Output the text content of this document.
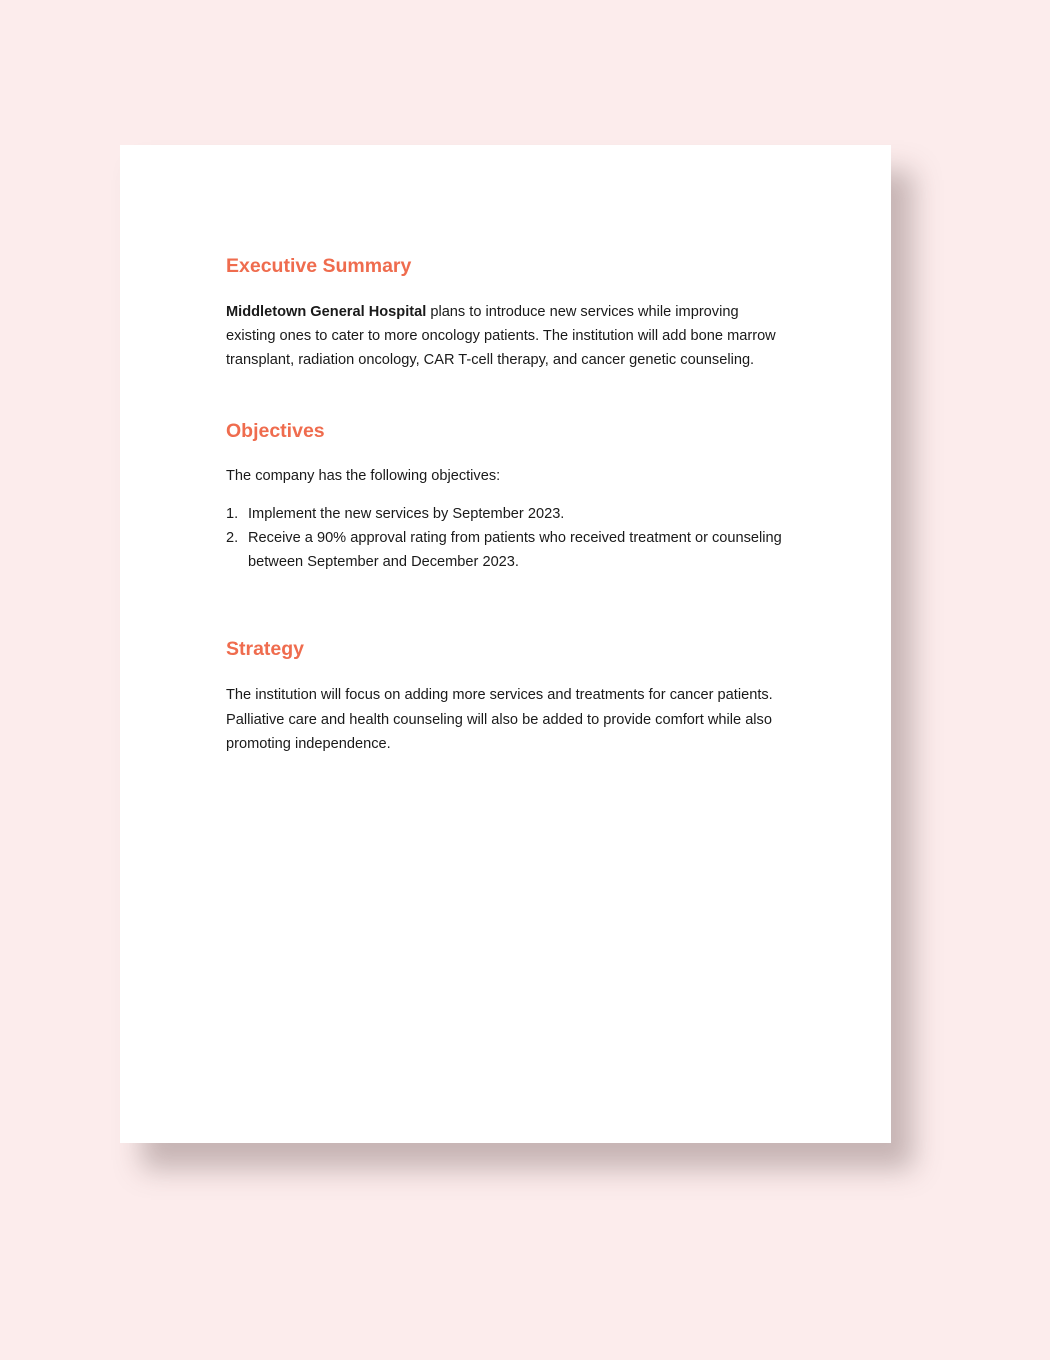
Executive Summary

Middletown General Hospital plans to introduce new services while improving existing ones to cater to more oncology patients. The institution will add bone marrow transplant, radiation oncology, CAR T-cell therapy, and cancer genetic counseling.

Objectives

The company has the following objectives:

1. Implement the new services by September 2023.
2. Receive a 90% approval rating from patients who received treatment or counseling between September and December 2023.
Strategy

The institution will focus on adding more services and treatments for cancer patients. Palliative care and health counseling will also be added to provide comfort while also promoting independence.
